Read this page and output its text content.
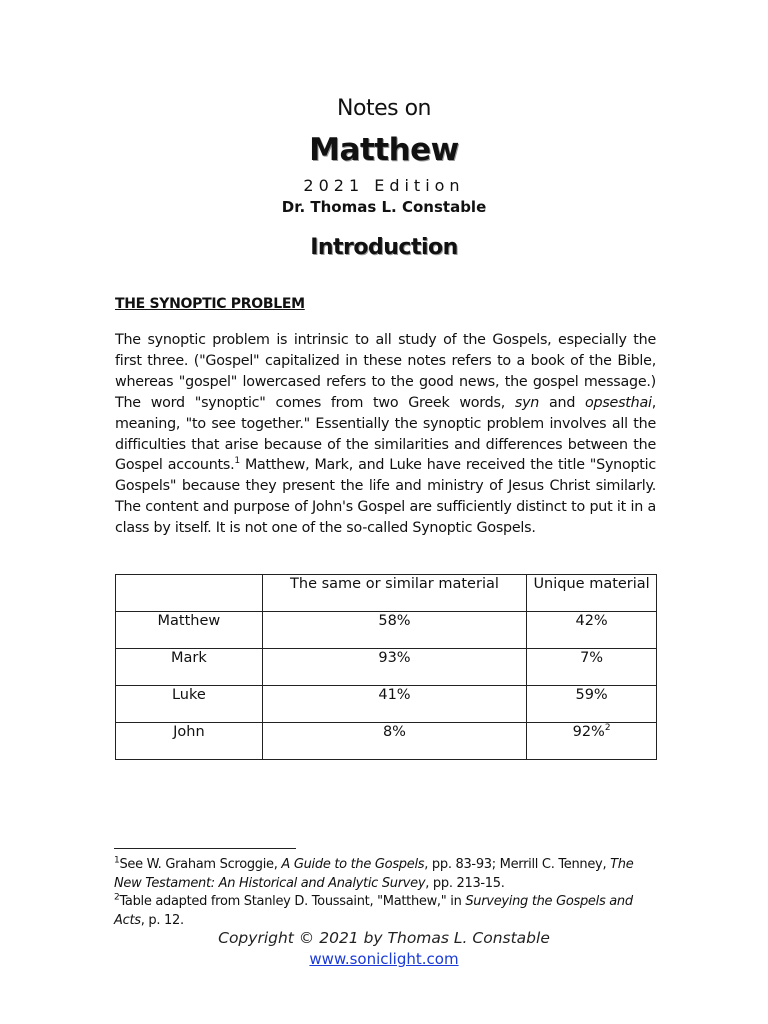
Notes on
Matthew
2021 Edition
Dr. Thomas L. Constable
Introduction
THE SYNOPTIC PROBLEM
The synoptic problem is intrinsic to all study of the Gospels, especially the first three. ("Gospel" capitalized in these notes refers to a book of the Bible, whereas "gospel" lowercased refers to the good news, the gospel message.) The word "synoptic" comes from two Greek words, syn and opsesthai, meaning, "to see together." Essentially the synoptic problem involves all the difficulties that arise because of the similarities and differences between the Gospel accounts.$^1$ Matthew, Mark, and Luke have received the title "Synoptic Gospels" because they present the life and ministry of Jesus Christ similarly. The content and purpose of John's Gospel are sufficiently distinct to put it in a class by itself. It is not one of the so-called Synoptic Gospels.
	The same or similar material	Unique material
Matthew	58%	42%
Mark	93%	7%
Luke	41%	59%
John	8%	92%$^2$
$^1$See W. Graham Scroggie, A Guide to the Gospels, pp. 83-93; Merrill C. Tenney, The New Testament: An Historical and Analytic Survey, pp. 213-15.
$^2$Table adapted from Stanley D. Toussaint, "Matthew," in Surveying the Gospels and Acts, p. 12.
Copyright © 2021 by Thomas L. Constable
www.soniclight.com
